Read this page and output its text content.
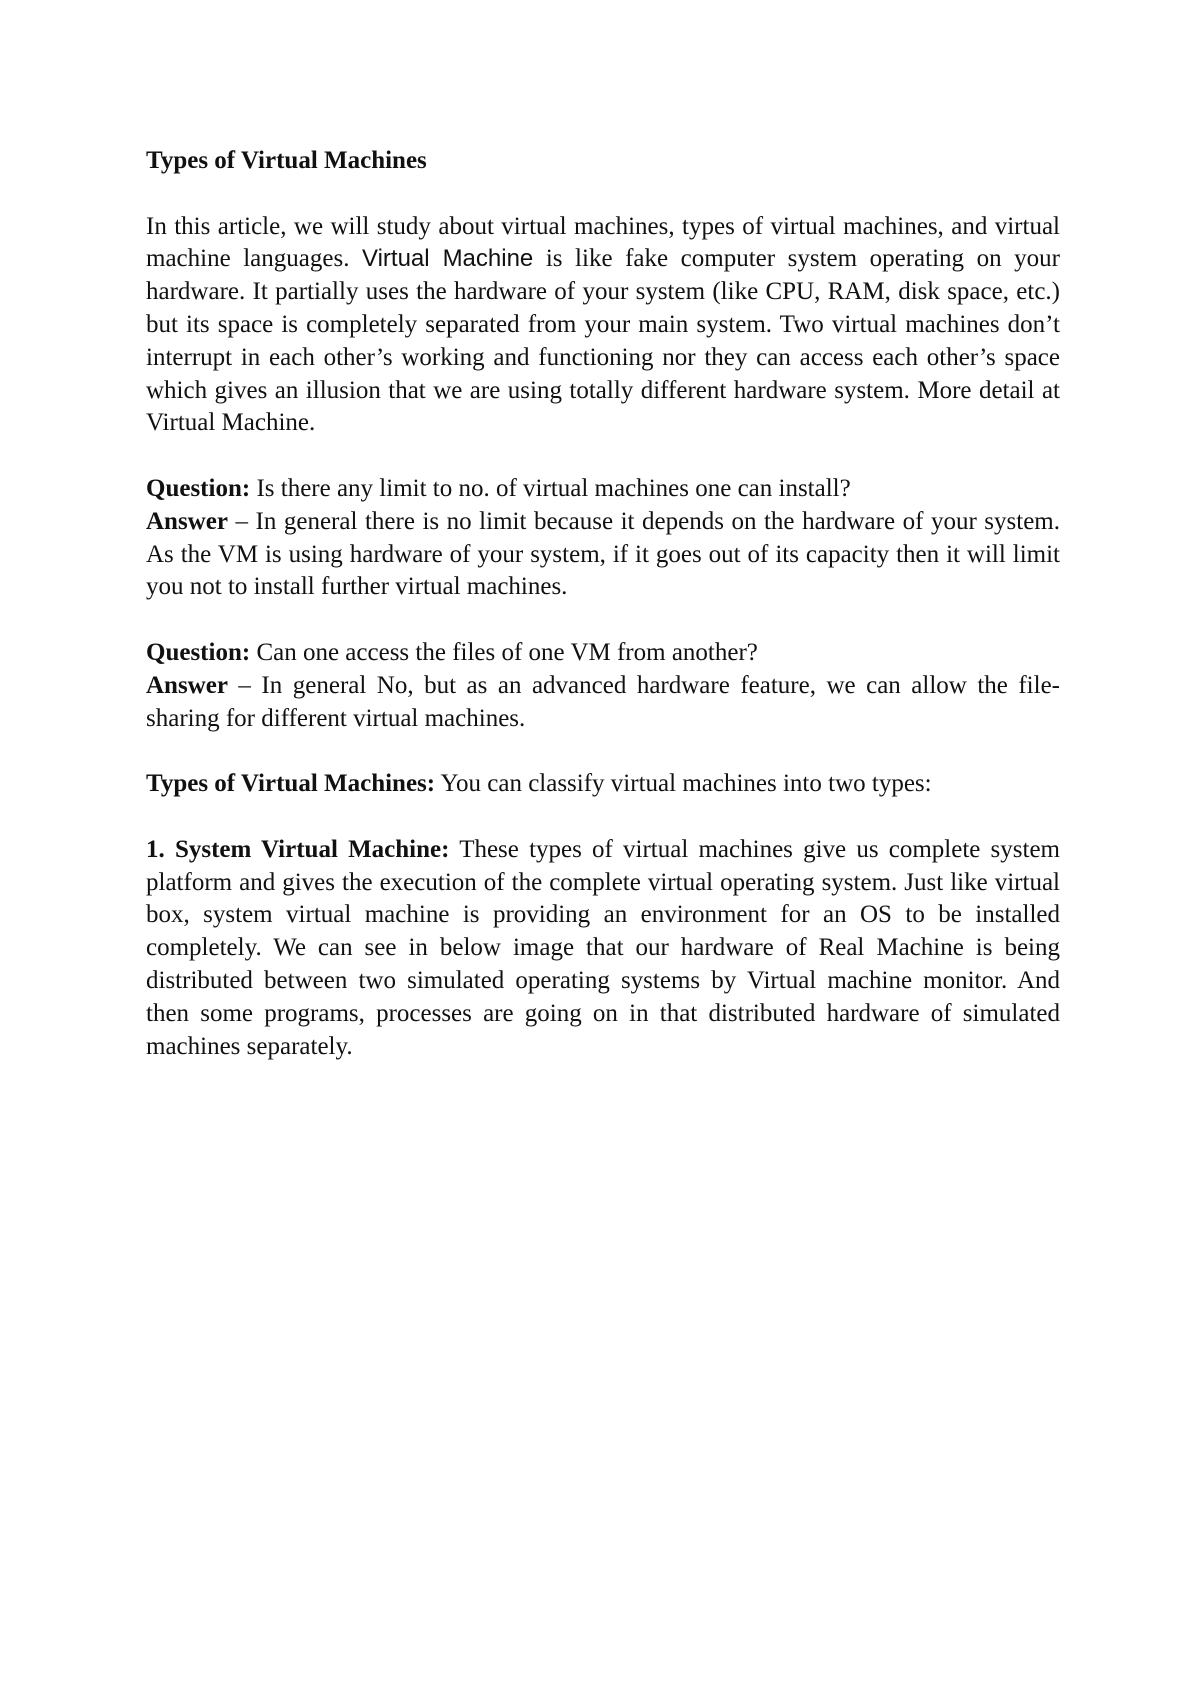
Types of Virtual Machines

In this article, we will study about virtual machines, types of virtual machines, and virtual machine languages. Virtual Machine is like fake computer system operating on your hardware. It partially uses the hardware of your system (like CPU, RAM, disk space, etc.) but its space is completely separated from your main system. Two virtual machines don’t interrupt in each other’s working and functioning nor they can access each other’s space which gives an illusion that we are using totally different hardware system. More detail at Virtual Machine.

Question: Is there any limit to no. of virtual machines one can install?

Answer – In general there is no limit because it depends on the hardware of your system. As the VM is using hardware of your system, if it goes out of its capacity then it will limit you not to install further virtual machines.

Question: Can one access the files of one VM from another?

Answer – In general No, but as an advanced hardware feature, we can allow the file-sharing for different virtual machines.

Types of Virtual Machines: You can classify virtual machines into two types:

1. System Virtual Machine: These types of virtual machines give us complete system platform and gives the execution of the complete virtual operating system. Just like virtual box, system virtual machine is providing an environment for an OS to be installed completely. We can see in below image that our hardware of Real Machine is being distributed between two simulated operating systems by Virtual machine monitor. And then some programs, processes are going on in that distributed hardware of simulated machines separately.
